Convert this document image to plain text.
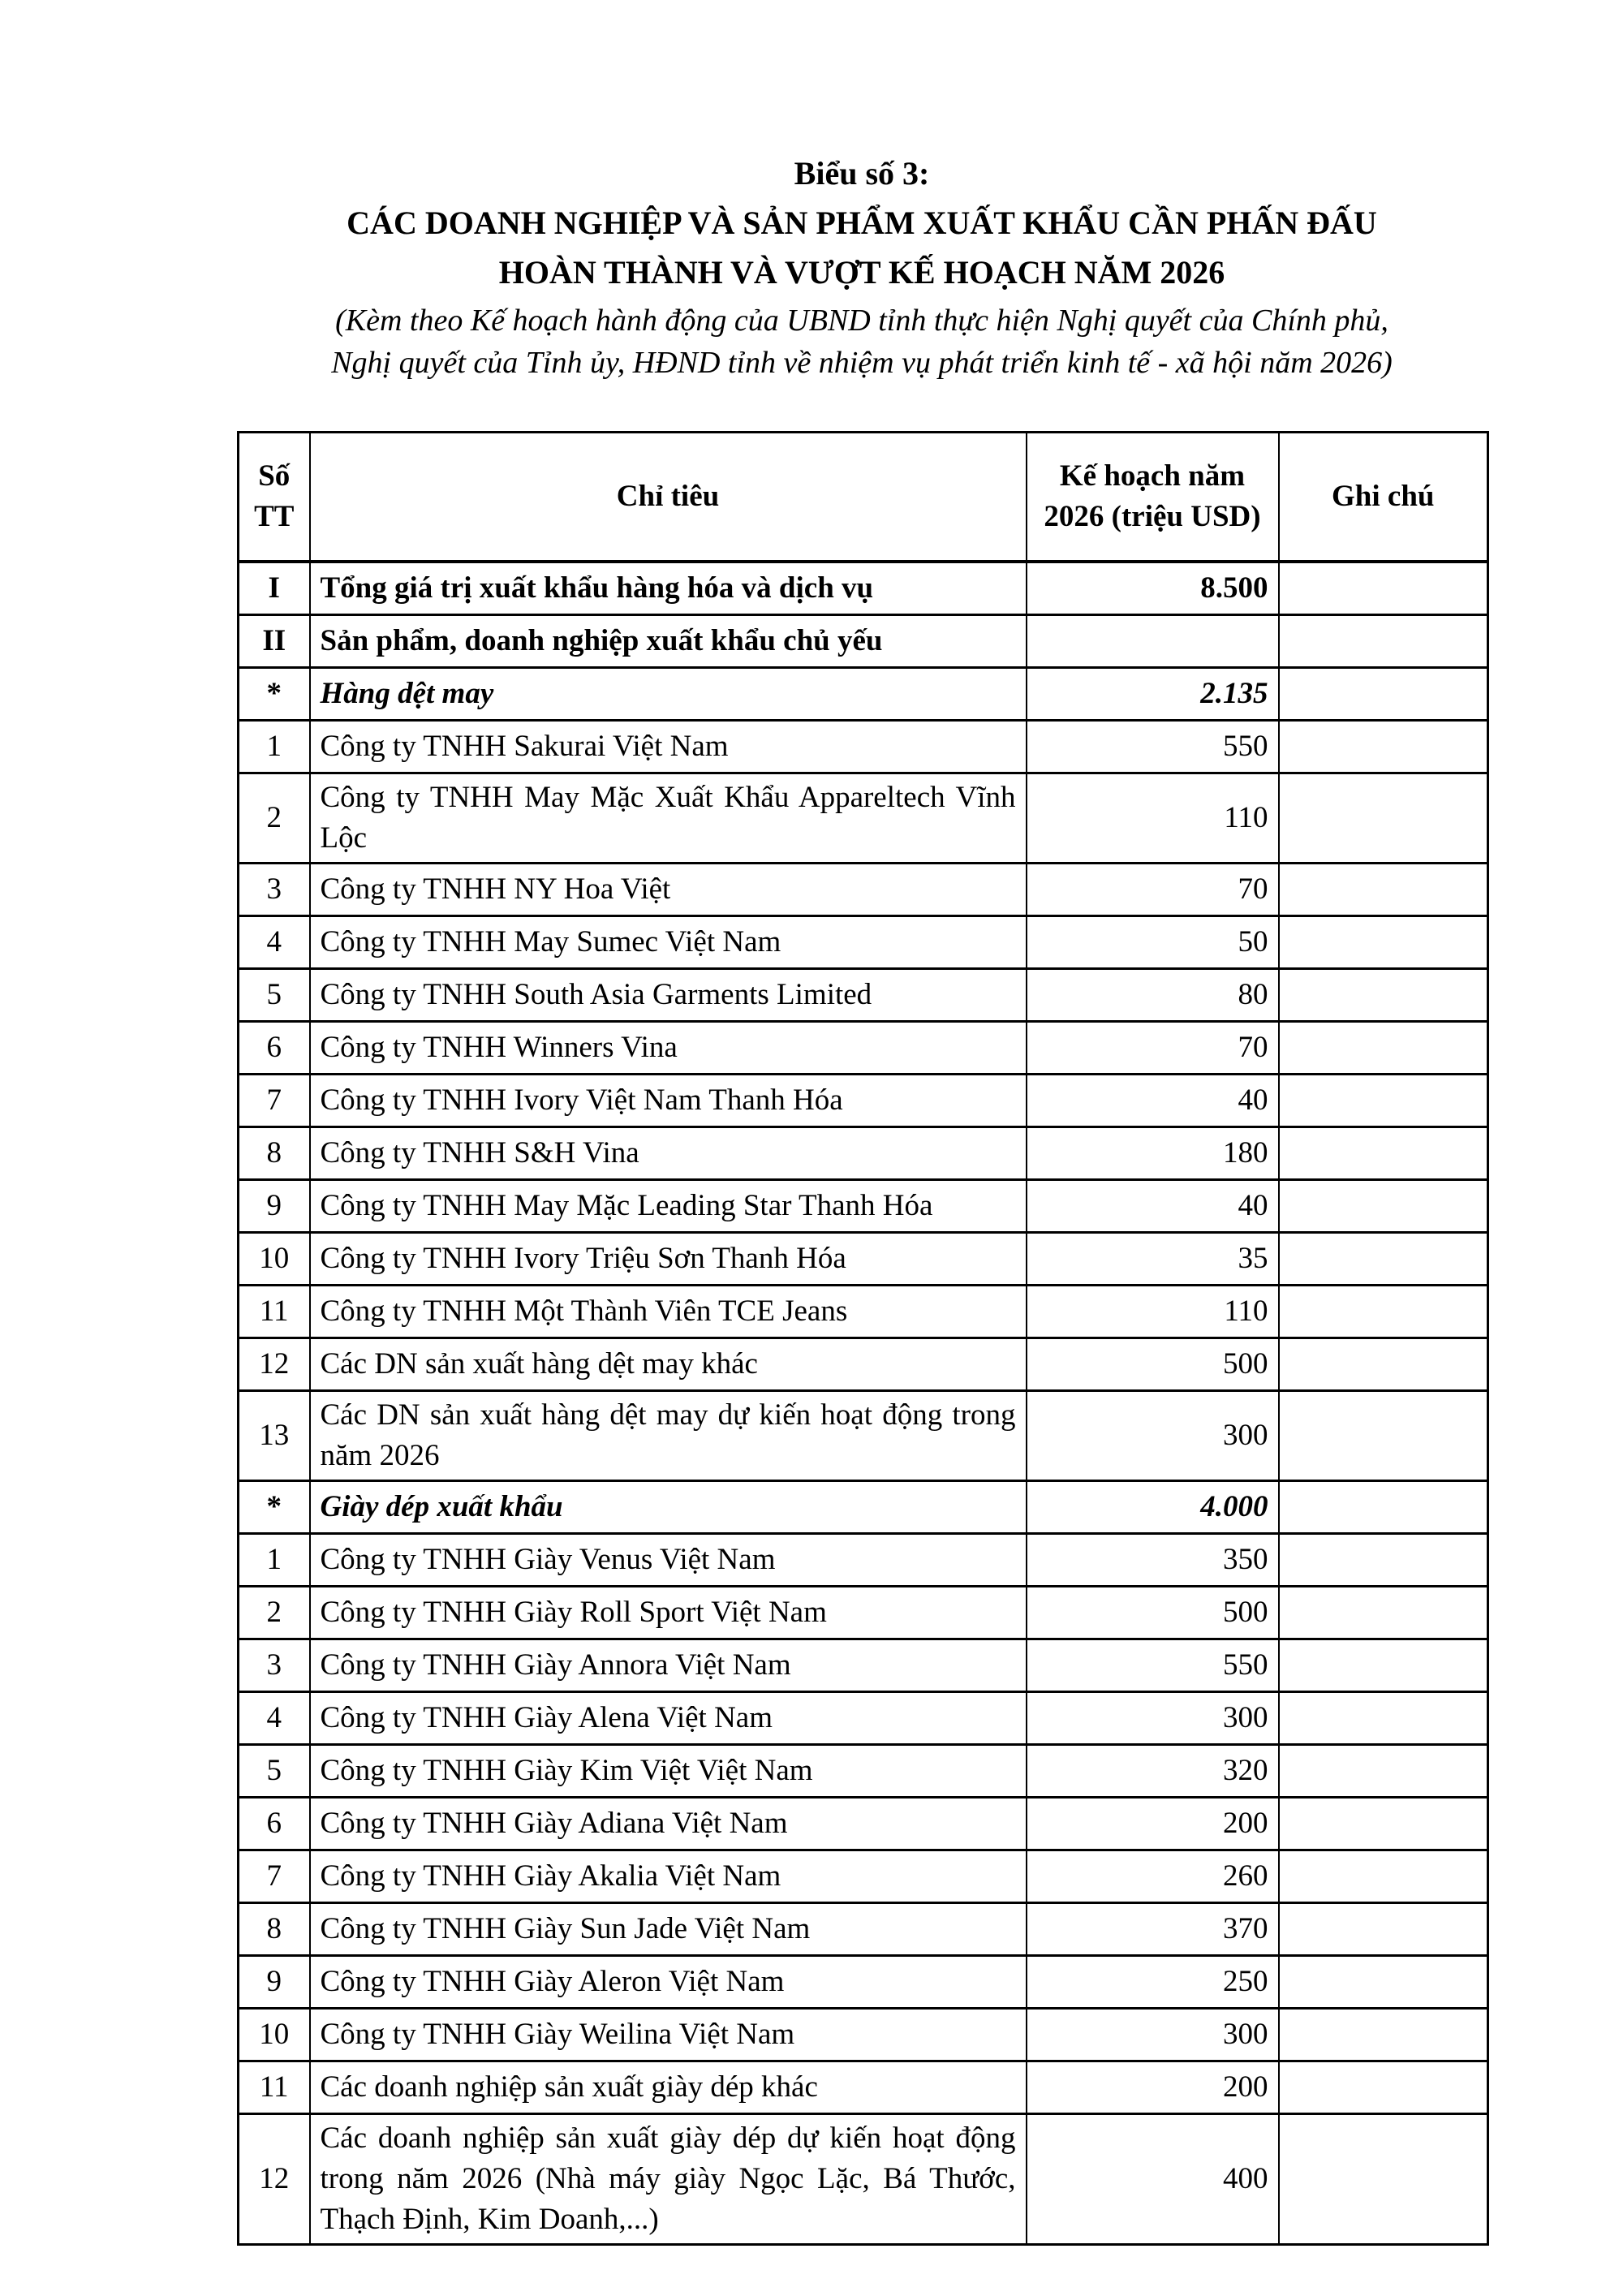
Biểu số 3:

CÁC DOANH NGHIỆP VÀ SẢN PHẨM XUẤT KHẨU CẦN PHẤN ĐẤU

HOÀN THÀNH VÀ VƯỢT KẾ HOẠCH NĂM 2026

(Kèm theo Kế hoạch hành động của UBND tỉnh thực hiện Nghị quyết của Chính phủ,

Nghị quyết của Tỉnh ủy, HĐND tỉnh về nhiệm vụ phát triển kinh tế - xã hội năm 2026)

Số TT	Chỉ tiêu	Kế hoạch năm 2026 (triệu USD)	Ghi chú
I	Tổng giá trị xuất khẩu hàng hóa và dịch vụ	8.500	
II	Sản phẩm, doanh nghiệp xuất khẩu chủ yếu		
*	Hàng dệt may	2.135	
1	Công ty TNHH Sakurai Việt Nam	550	
2	Công ty TNHH May Mặc Xuất Khẩu Appareltech Vĩnh Lộc	110	
3	Công ty TNHH NY Hoa Việt	70	
4	Công ty TNHH May Sumec Việt Nam	50	
5	Công ty TNHH South Asia Garments Limited	80	
6	Công ty TNHH Winners Vina	70	
7	Công ty TNHH Ivory Việt Nam Thanh Hóa	40	
8	Công ty TNHH S&H Vina	180	
9	Công ty TNHH May Mặc Leading Star Thanh Hóa	40	
10	Công ty TNHH Ivory Triệu Sơn Thanh Hóa	35	
11	Công ty TNHH Một Thành Viên TCE Jeans	110	
12	Các DN sản xuất hàng dệt may khác	500	
13	Các DN sản xuất hàng dệt may dự kiến hoạt động trong năm 2026	300	
*	Giày dép xuất khẩu	4.000	
1	Công ty TNHH Giày Venus Việt Nam	350	
2	Công ty TNHH Giày Roll Sport Việt Nam	500	
3	Công ty TNHH Giày Annora Việt Nam	550	
4	Công ty TNHH Giày Alena Việt Nam	300	
5	Công ty TNHH Giày Kim Việt Việt Nam	320	
6	Công ty TNHH Giày Adiana Việt Nam	200	
7	Công ty TNHH Giày Akalia Việt Nam	260	
8	Công ty TNHH Giày Sun Jade Việt Nam	370	
9	Công ty TNHH Giày Aleron Việt Nam	250	
10	Công ty TNHH Giày Weilina Việt Nam	300	
11	Các doanh nghiệp sản xuất giày dép khác	200	
12	Các doanh nghiệp sản xuất giày dép dự kiến hoạt động trong năm 2026 (Nhà máy giày Ngọc Lặc, Bá Thước, Thạch Định, Kim Doanh,...)	400	
